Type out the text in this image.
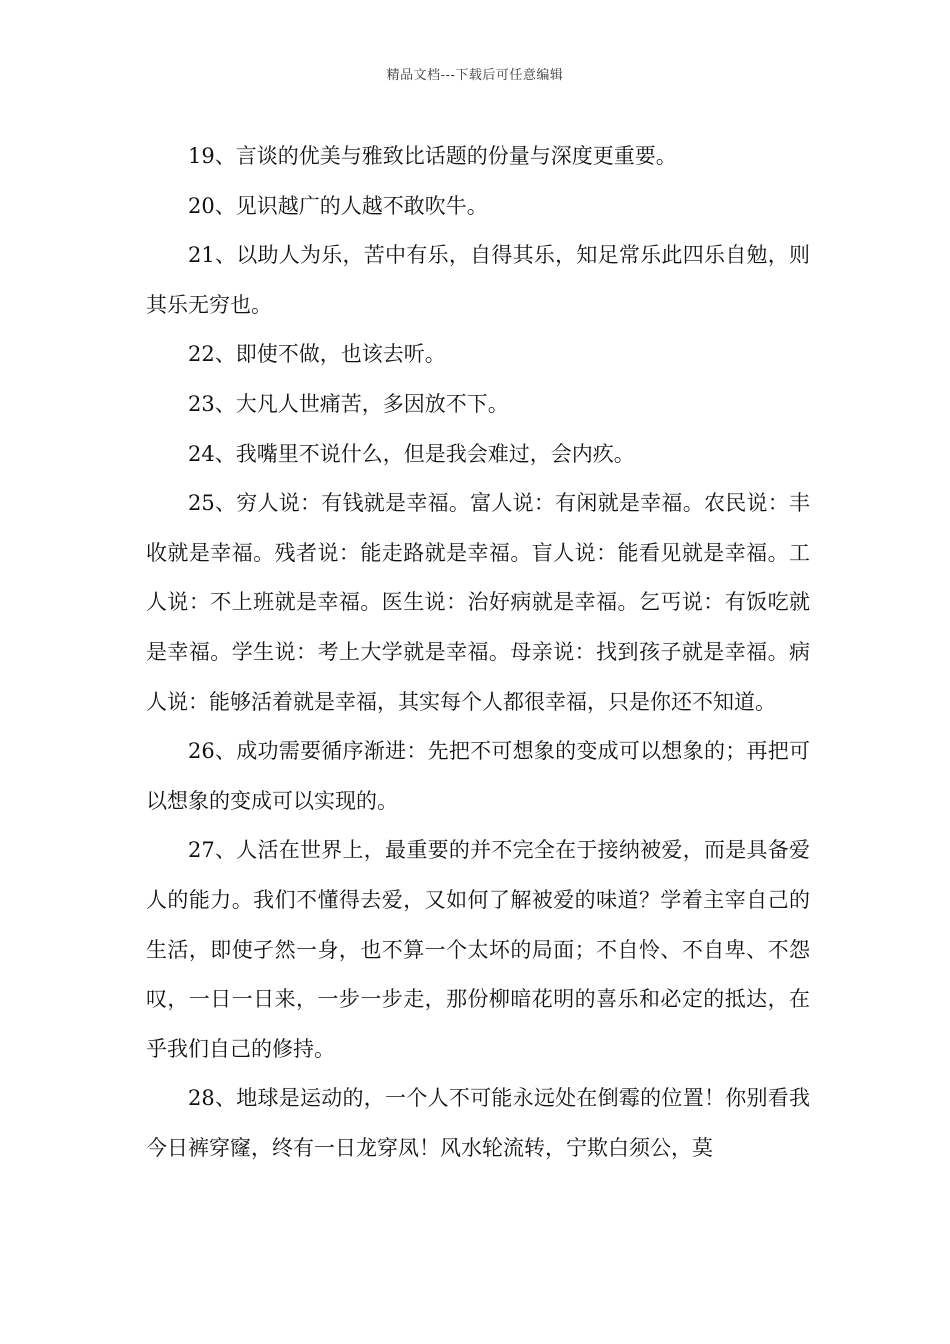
精品文档---下载后可任意编辑

19、言谈的优美与雅致比话题的份量与深度更重要。

20、见识越广的人越不敢吹牛。

21、以助人为乐，苦中有乐，自得其乐，知足常乐此四乐自勉，则其乐无穷也。

22、即使不做，也该去听。

23、大凡人世痛苦，多因放不下。

24、我嘴里不说什么，但是我会难过，会内疚。

25、穷人说：有钱就是幸福。富人说：有闲就是幸福。农民说：丰收就是幸福。残者说：能走路就是幸福。盲人说：能看见就是幸福。工人说：不上班就是幸福。医生说：治好病就是幸福。乞丐说：有饭吃就是幸福。学生说：考上大学就是幸福。母亲说：找到孩子就是幸福。病人说：能够活着就是幸福，其实每个人都很幸福，只是你还不知道。

26、成功需要循序渐进：先把不可想象的变成可以想象的；再把可以想象的变成可以实现的。

27、人活在世界上，最重要的并不完全在于接纳被爱，而是具备爱人的能力。我们不懂得去爱，又如何了解被爱的味道？学着主宰自己的生活，即使孑然一身，也不算一个太坏的局面；不自怜、不自卑、不怨叹，一日一日来，一步一步走，那份柳暗花明的喜乐和必定的抵达，在乎我们自己的修持。

28、地球是运动的，一个人不可能永远处在倒霉的位置！你别看我今日裤穿窿，终有一日龙穿凤！风水轮流转，宁欺白须公，莫
